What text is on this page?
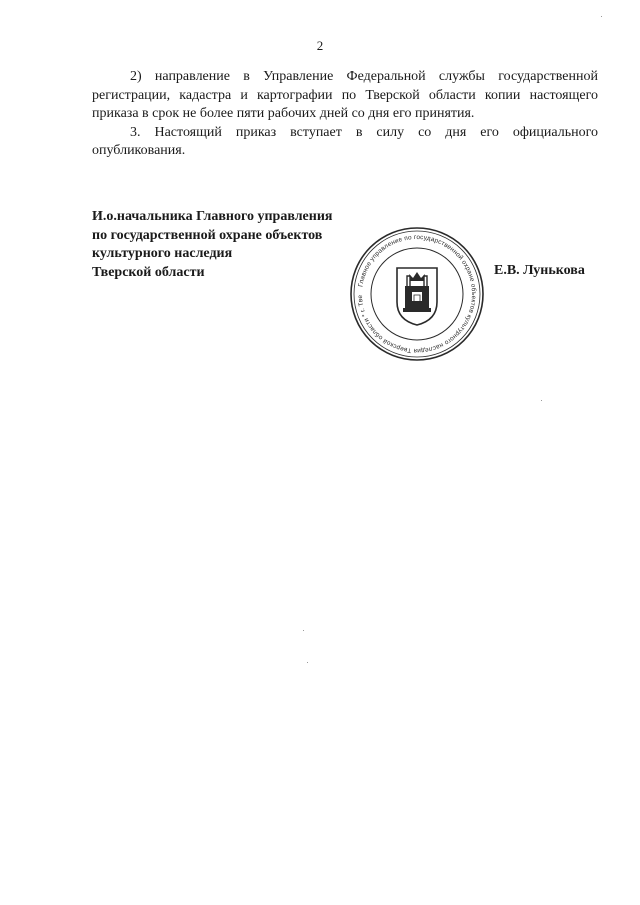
2

2) направление в Управление Федеральной службы государственной регистрации, кадастра и картографии по Тверской области копии настоящего приказа в срок не более пяти рабочих дней со дня его принятия.

3. Настоящий приказ вступает в силу со дня его официального опубликования.

И.о.начальника Главного управления
по государственной охране объектов
культурного наследия
Тверской области	Е.В. Лунькова
Главное управление по государственной охране объектов культурного наследия Тверской области * г. Тве
